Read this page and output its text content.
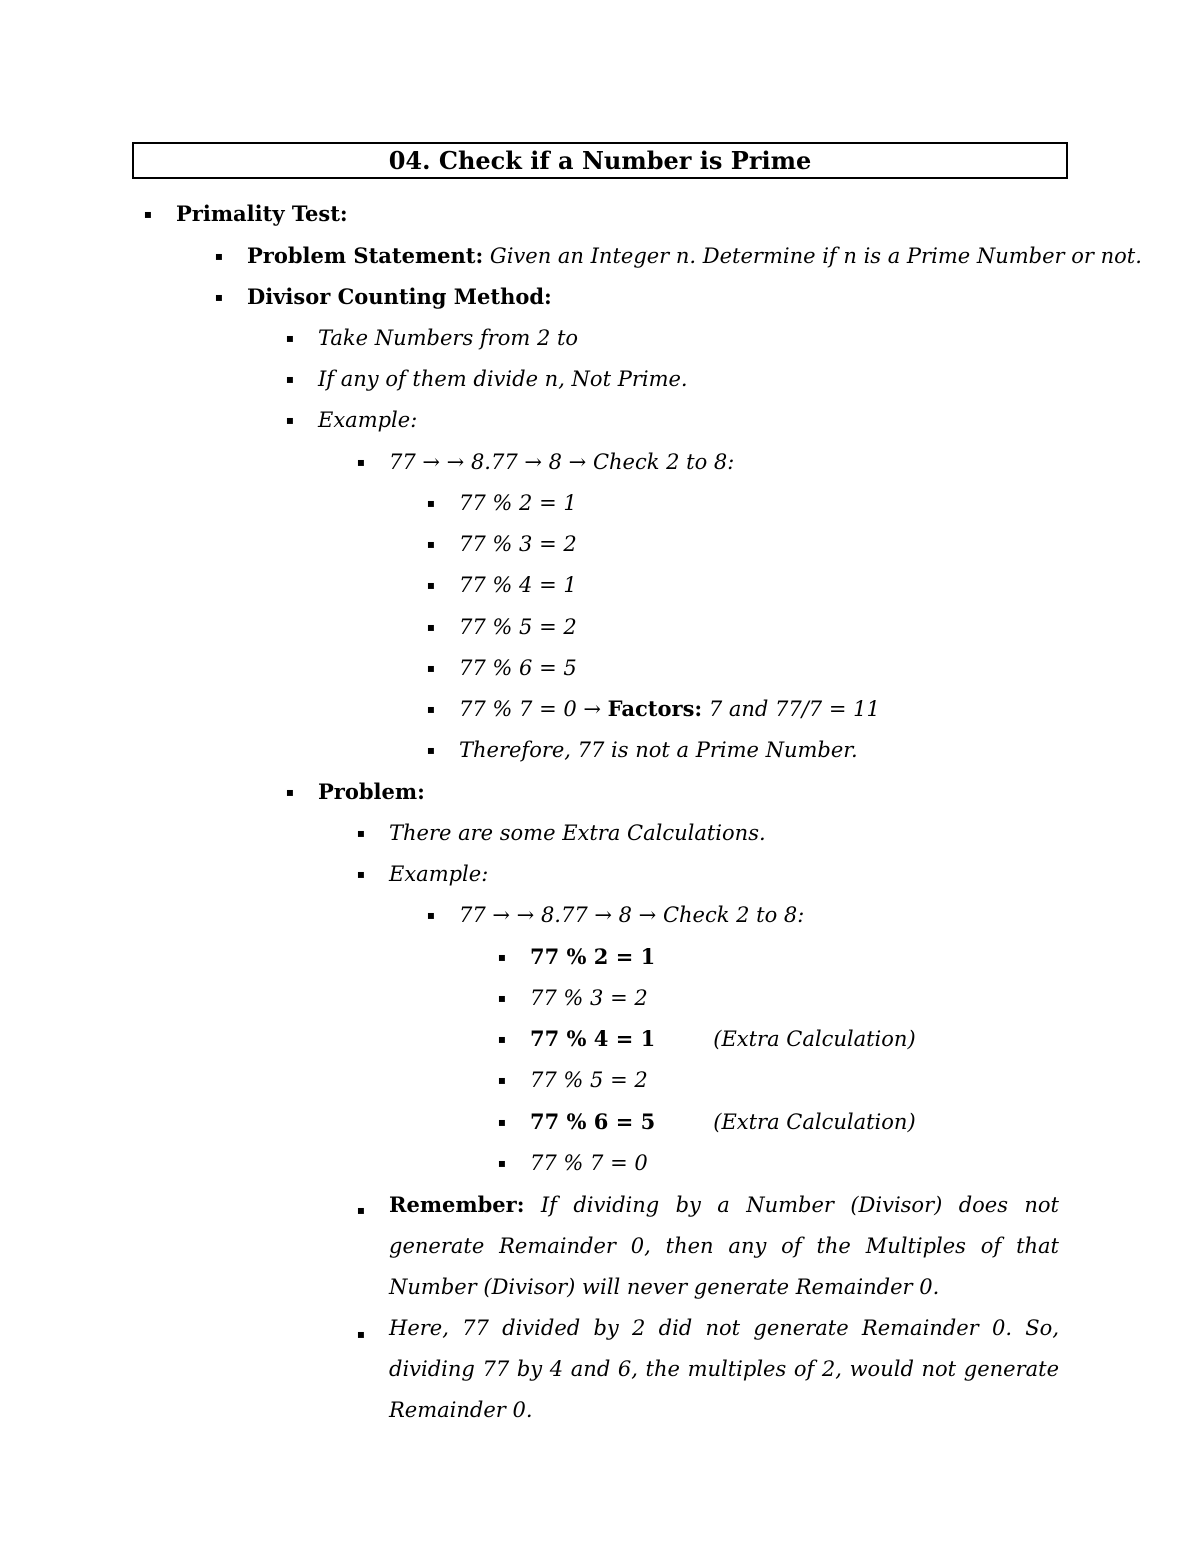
04. Check if a Number is Prime
▪ Primality Test:
▪ Problem Statement: Given an Integer n. Determine if n is a Prime Number or not.
▪ Divisor Counting Method:
▪ Take Numbers from 2 to
▪ If any of them divide n, Not Prime.
▪ Example:
▪ 77 → → 8.77 → 8 → Check 2 to 8:
▪ 77 % 2 = 1
▪ 77 % 3 = 2
▪ 77 % 4 = 1
▪ 77 % 5 = 2
▪ 77 % 6 = 5
▪ 77 % 7 = 0 → Factors: 7 and 77/7 = 11
▪ Therefore, 77 is not a Prime Number.
▪ Problem:
▪ There are some Extra Calculations.
▪ Example:
▪ 77 → → 8.77 → 8 → Check 2 to 8:
▪ 77 % 2 = 1
▪ 77 % 3 = 2
▪ 77 % 4 = 1	(Extra Calculation)
▪ 77 % 5 = 2
▪ 77 % 6 = 5	(Extra Calculation)
▪ 77 % 7 = 0
▪ Remember: If dividing by a Number (Divisor) does not generate Remainder 0, then any of the Multiples of that Number (Divisor) will never generate Remainder 0.
▪ Here, 77 divided by 2 did not generate Remainder 0. So, dividing 77 by 4 and 6, the multiples of 2, would not generate Remainder 0.
